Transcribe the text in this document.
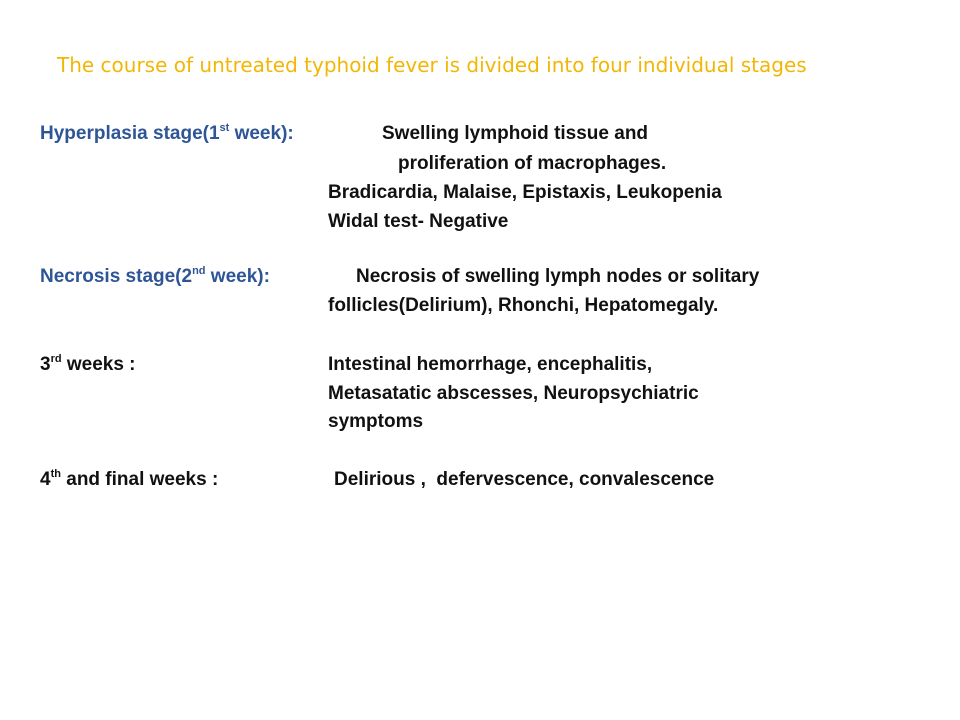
The course of untreated typhoid fever is divided into four individual stages
Hyperplasia stage(1st week):	Swelling lymphoid tissue and
proliferation of macrophages.
Bradicardia, Malaise, Epistaxis, Leukopenia
Widal test- Negative
Necrosis stage(2nd week):	Necrosis of swelling lymph nodes or solitary
follicles(Delirium), Rhonchi, Hepatomegaly.
3rd weeks :	Intestinal hemorrhage, encephalitis,
Metasatatic abscesses, Neuropsychiatric
symptoms
4th and final weeks :	Delirious ,  defervescence, convalescence
